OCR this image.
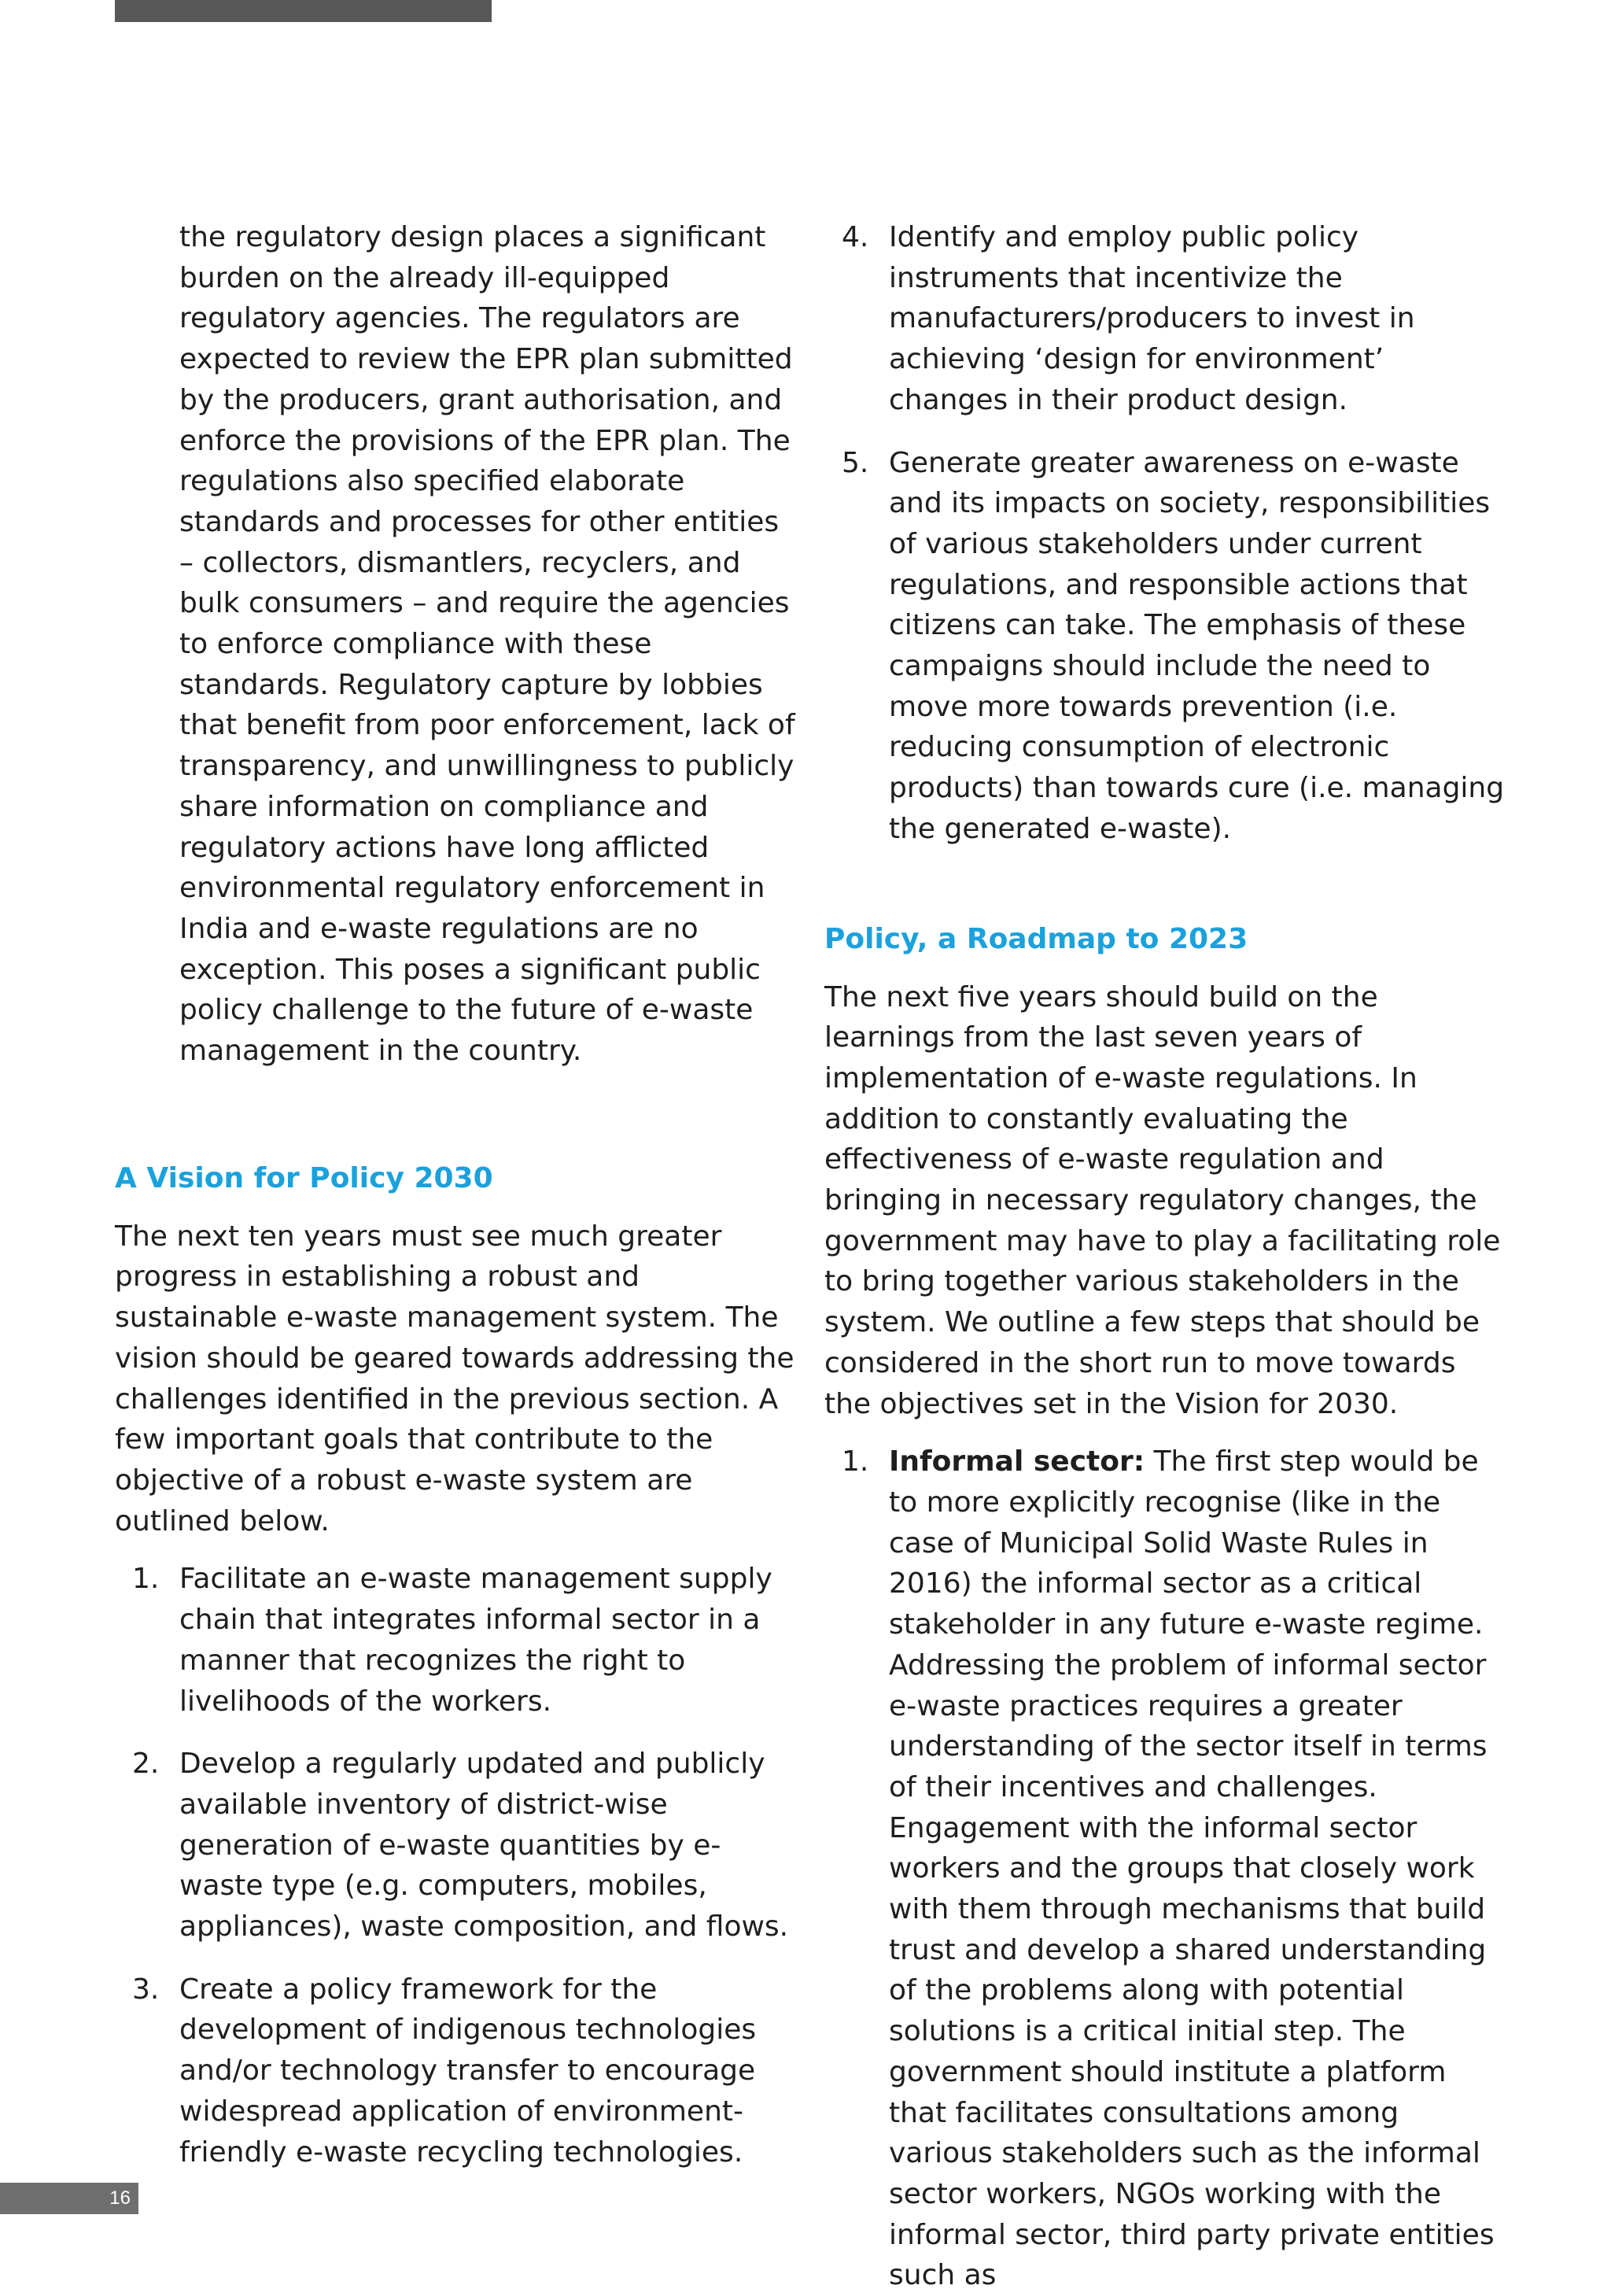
the regulatory design places a significant burden on the already ill-equipped regulatory agencies. The regulators are expected to review the EPR plan submitted by the producers, grant authorisation, and enforce the provisions of the EPR plan. The regulations also specified elaborate standards and processes for other entities – collectors, dismantlers, recyclers, and bulk consumers – and require the agencies to enforce compliance with these standards. Regulatory capture by lobbies that benefit from poor enforcement, lack of transparency, and unwillingness to publicly share information on compliance and regulatory actions have long afflicted environmental regulatory enforcement in India and e-waste regulations are no exception. This poses a significant public policy challenge to the future of e-waste management in the country.

A Vision for Policy 2030

The next ten years must see much greater progress in establishing a robust and sustainable e-waste management system. The vision should be geared towards addressing the challenges identified in the previous section. A few important goals that contribute to the objective of a robust e-waste system are outlined below.

1. Facilitate an e-waste management supply chain that integrates informal sector in a manner that recognizes the right to livelihoods of the workers.
2. Develop a regularly updated and publicly available inventory of district-wise generation of e-waste quantities by e-waste type (e.g. computers, mobiles, appliances), waste composition, and flows.
3. Create a policy framework for the development of indigenous technologies and/or technology transfer to encourage widespread application of environment-friendly e-waste recycling technologies.
4. Identify and employ public policy instruments that incentivize the manufacturers/producers to invest in achieving ‘design for environment’ changes in their product design.
5. Generate greater awareness on e-waste and its impacts on society, responsibilities of various stakeholders under current regulations, and responsible actions that citizens can take. The emphasis of these campaigns should include the need to move more towards prevention (i.e. reducing consumption of electronic products) than towards cure (i.e. managing the generated e-waste).
Policy, a Roadmap to 2023

The next five years should build on the learnings from the last seven years of implementation of e-waste regulations. In addition to constantly evaluating the effectiveness of e-waste regulation and bringing in necessary regulatory changes, the government may have to play a facilitating role to bring together various stakeholders in the system. We outline a few steps that should be considered in the short run to move towards the objectives set in the Vision for 2030.

1. Informal sector: The first step would be to more explicitly recognise (like in the case of Municipal Solid Waste Rules in 2016) the informal sector as a critical stakeholder in any future e-waste regime. Addressing the problem of informal sector e-waste practices requires a greater understanding of the sector itself in terms of their incentives and challenges. Engagement with the informal sector workers and the groups that closely work with them through mechanisms that build trust and develop a shared understanding of the problems along with potential solutions is a critical initial step. The government should institute a platform that facilitates consultations among various stakeholders such as the informal sector workers, NGOs working with the informal sector, third party private entities such as
16
